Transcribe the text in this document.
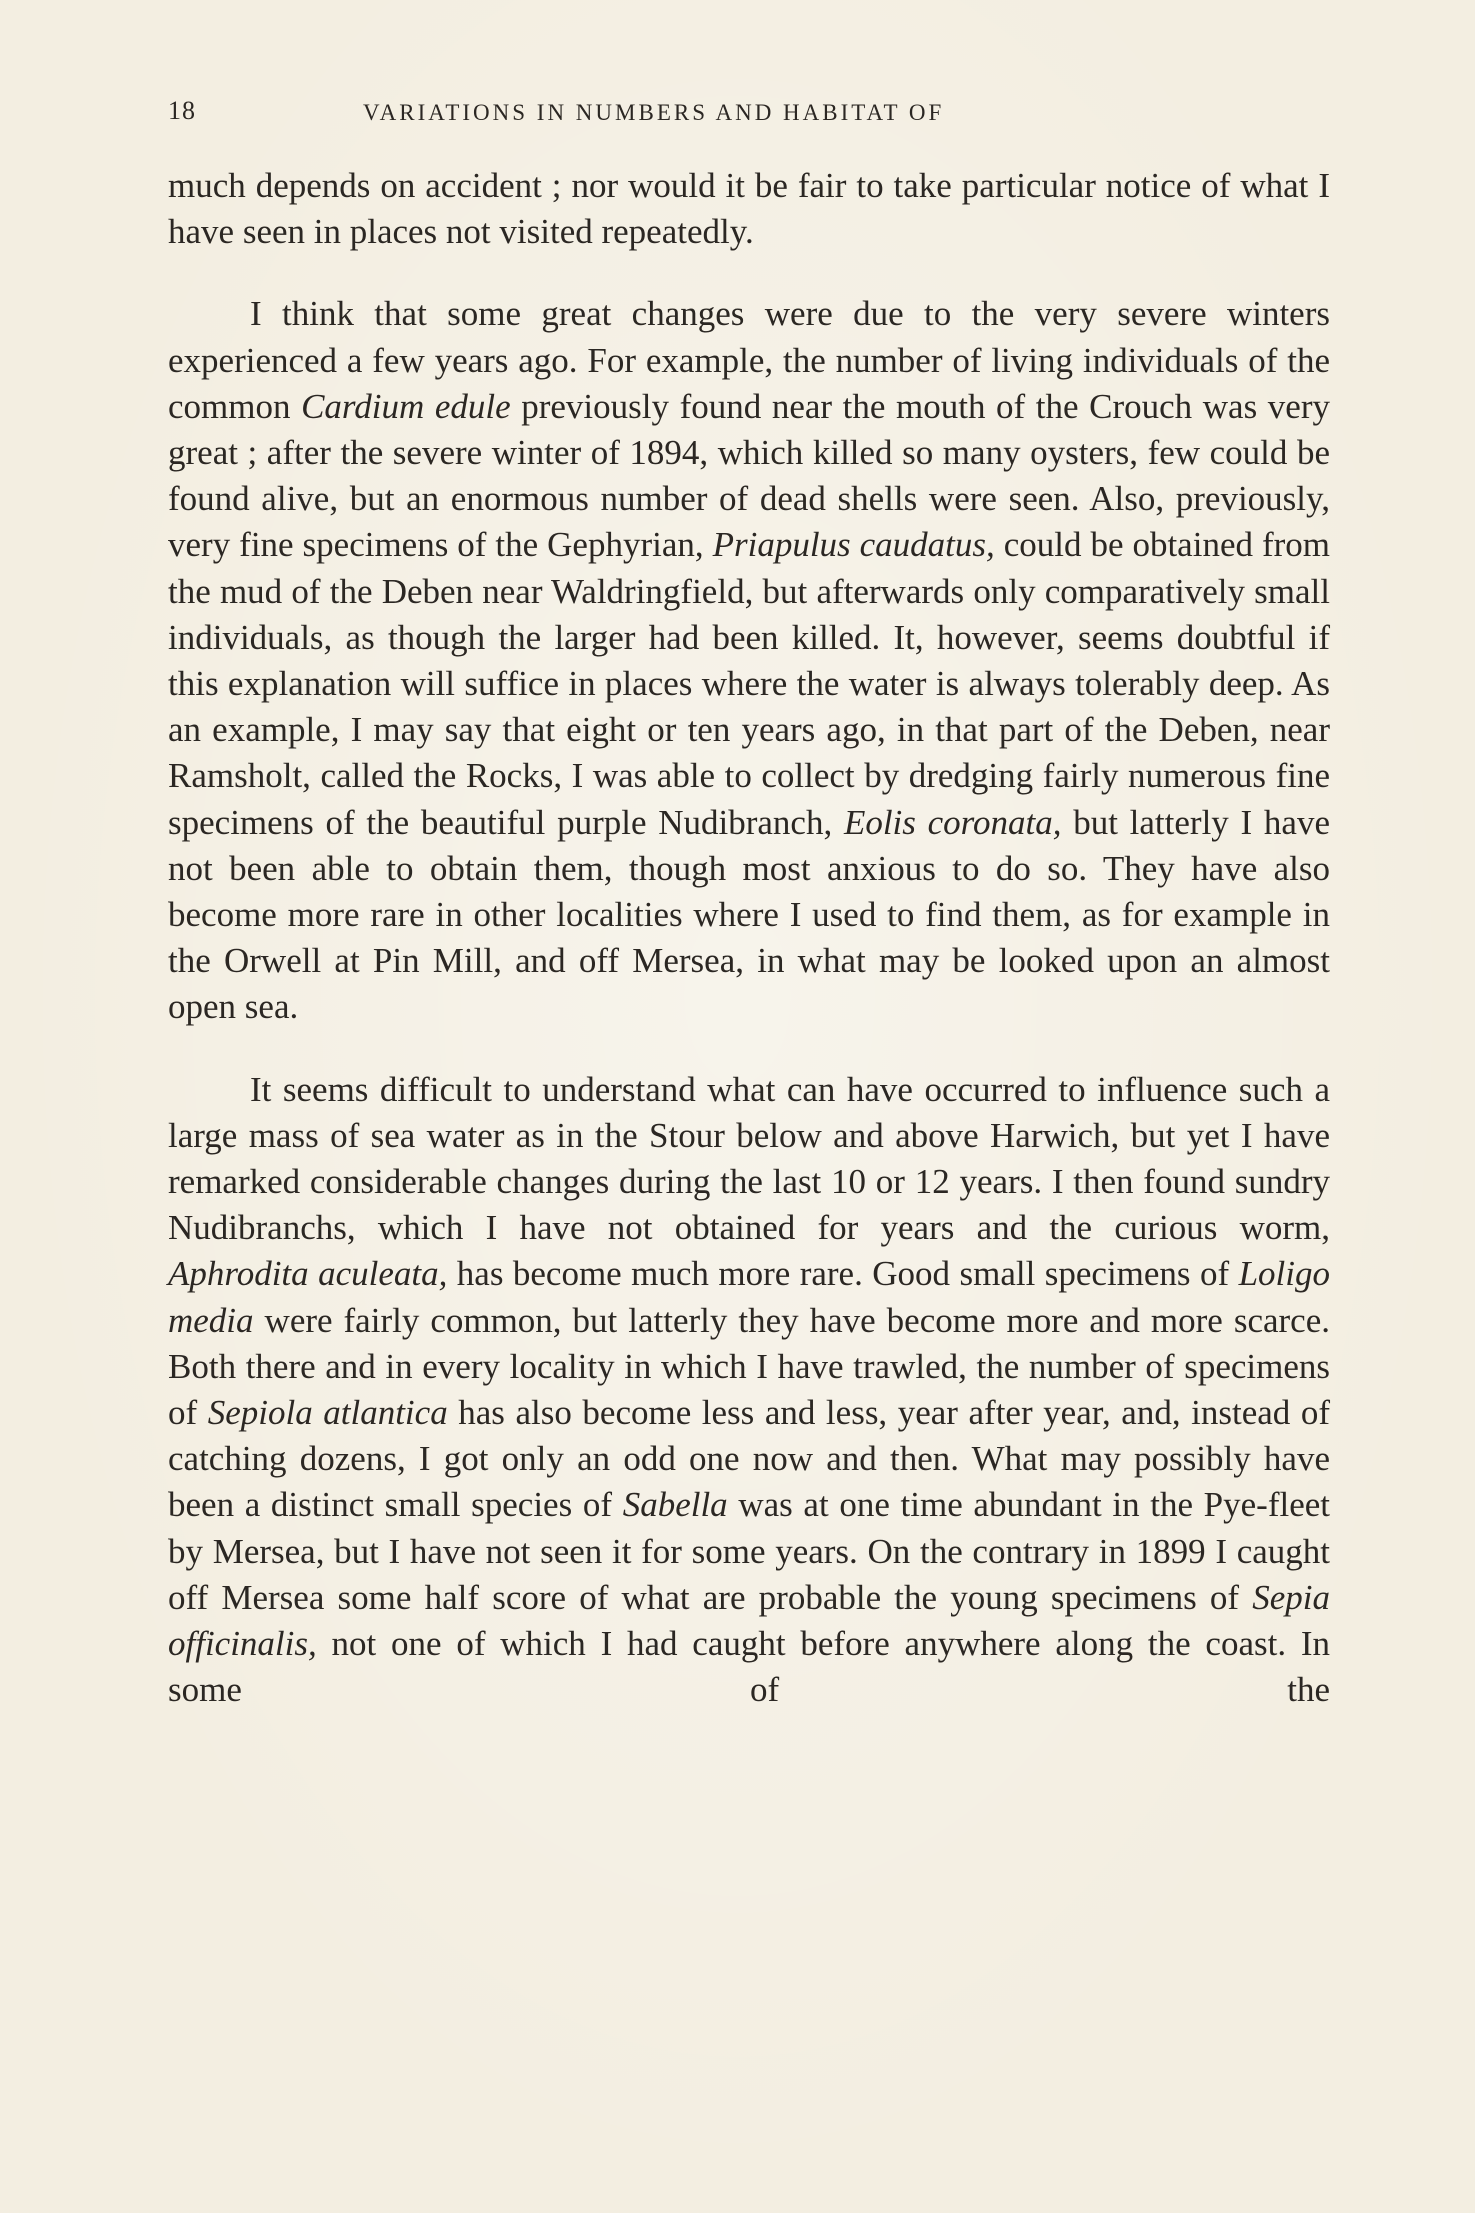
18	VARIATIONS IN NUMBERS AND HABITAT OF

much depends on accident ; nor would it be fair to take particular notice of what I have seen in places not visited repeatedly.

I think that some great changes were due to the very severe winters experienced a few years ago. For example, the number of living individuals of the common Cardium edule previously found near the mouth of the Crouch was very great ; after the severe winter of 1894, which killed so many oysters, few could be found alive, but an enormous number of dead shells were seen. Also, previously, very fine specimens of the Gephyrian, Priapulus caudatus, could be obtained from the mud of the Deben near Waldringfield, but afterwards only comparatively small individuals, as though the larger had been killed. It, however, seems doubtful if this explanation will suffice in places where the water is always tolerably deep. As an example, I may say that eight or ten years ago, in that part of the Deben, near Ramsholt, called the Rocks, I was able to collect by dredging fairly numerous fine specimens of the beautiful purple Nudibranch, Eolis coronata, but latterly I have not been able to obtain them, though most anxious to do so. They have also become more rare in other localities where I used to find them, as for example in the Orwell at Pin Mill, and off Mersea, in what may be looked upon an almost open sea.

It seems difficult to understand what can have occurred to influence such a large mass of sea water as in the Stour below and above Harwich, but yet I have remarked considerable changes during the last 10 or 12 years. I then found sundry Nudibranchs, which I have not obtained for years and the curious worm, Aphrodita aculeata, has become much more rare. Good small specimens of Loligo media were fairly common, but latterly they have become more and more scarce. Both there and in every locality in which I have trawled, the number of specimens of Sepiola atlantica has also become less and less, year after year, and, instead of catching dozens, I got only an odd one now and then. What may possibly have been a distinct small species of Sabella was at one time abundant in the Pye-fleet by Mersea, but I have not seen it for some years. On the contrary in 1899 I caught off Mersea some half score of what are probable the young specimens of Sepia officinalis, not one of which I had caught before anywhere along the coast. In some of the
